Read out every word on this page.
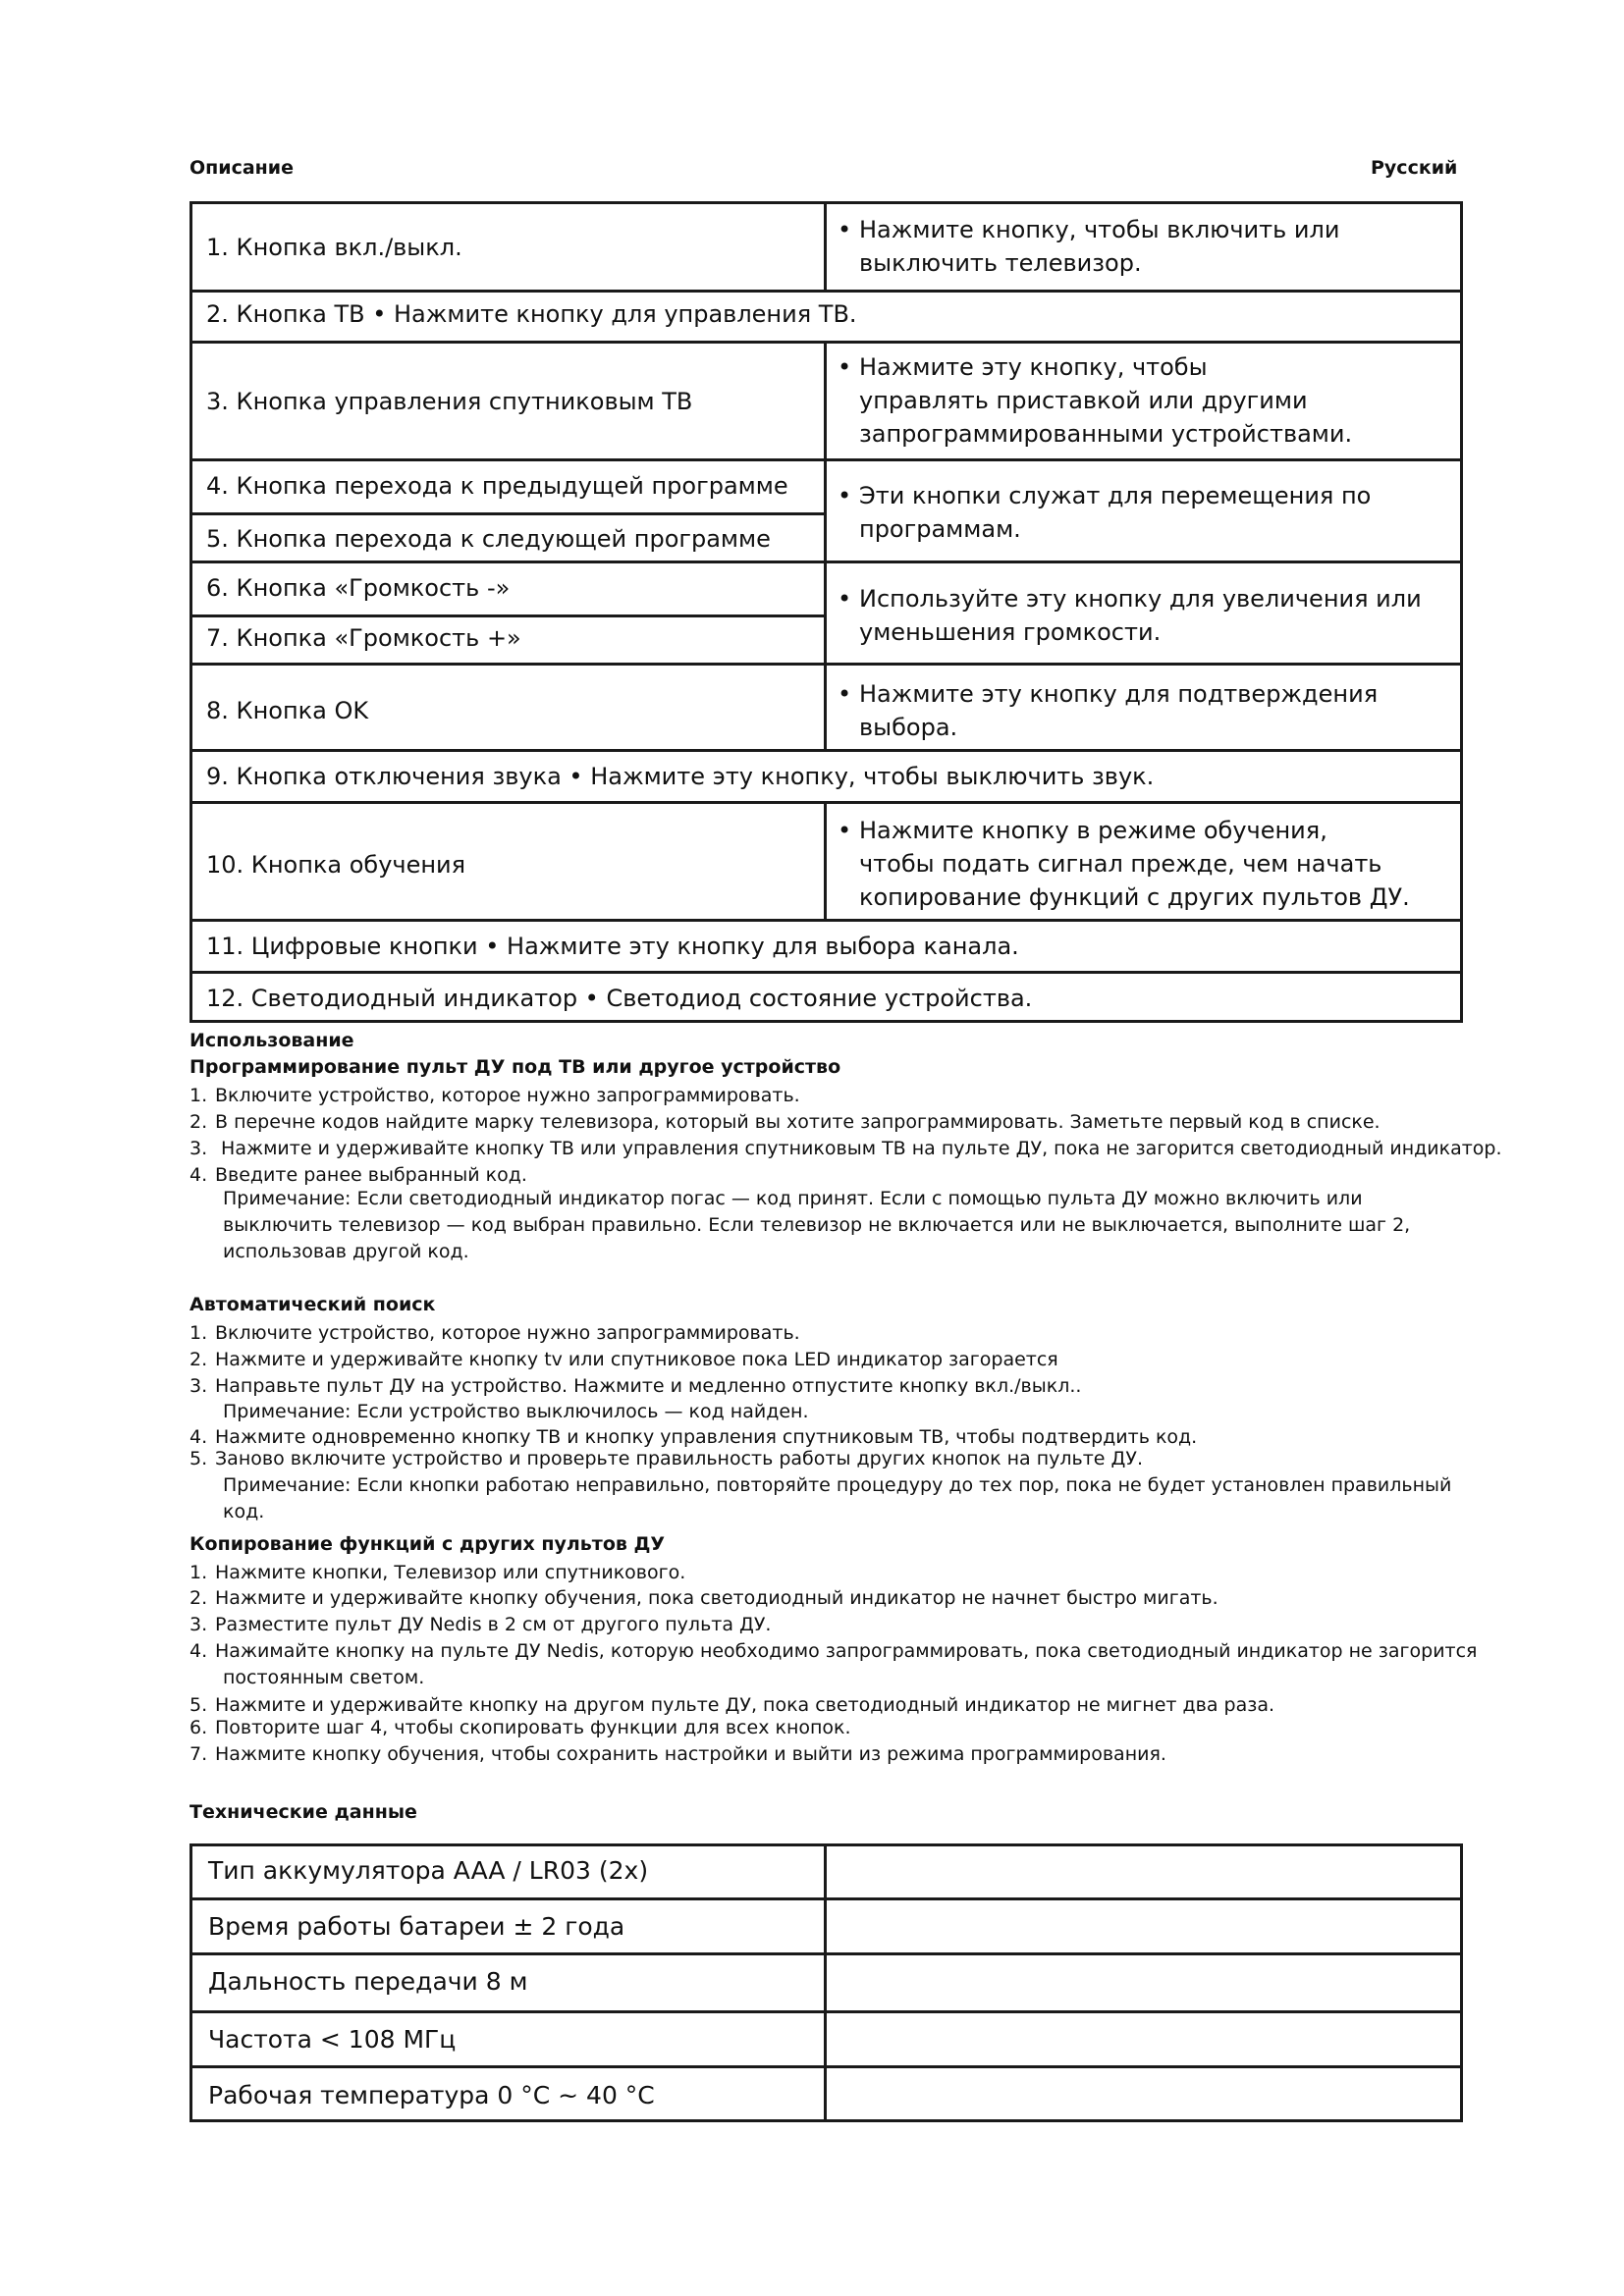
Описание	Русский
1. Кнопка вкл./выкл.
• Нажмите кнопку, чтобы включить или
выключить телевизор.
2. Кнопка ТВ • Нажмите кнопку для управления ТВ.
3. Кнопка управления спутниковым ТВ
• Нажмите эту кнопку, чтобы
управлять приставкой или другими
запрограммированными устройствами.
4. Кнопка перехода к предыдущей программе
5. Кнопка перехода к следующей программе
• Эти кнопки служат для перемещения по
программам.
6. Кнопка «Громкость -»
7. Кнопка «Громкость +»
• Используйте эту кнопку для увеличения или
уменьшения громкости.
8. Кнопка OK
• Нажмите эту кнопку для подтверждения
выбора.
9. Кнопка отключения звука • Нажмите эту кнопку, чтобы выключить звук.
10. Кнопка обучения
• Нажмите кнопку в режиме обучения,
чтобы подать сигнал прежде, чем начать
копирование функций с других пультов ДУ.
11. Цифровые кнопки • Нажмите эту кнопку для выбора канала.
12. Светодиодный индикатор • Светодиод состояние устройства.
Использование
Программирование пульт ДУ под ТВ или другое устройство
1. Включите устройство, которое нужно запрограммировать.
2. В перечне кодов найдите марку телевизора, который вы хотите запрограммировать. Заметьте первый код в списке.
3. Нажмите и удерживайте кнопку ТВ или управления спутниковым ТВ на пульте ДУ, пока не загорится светодиодный индикатор.
4. Введите ранее выбранный код.
Примечание: Если светодиодный индикатор погас — код принят. Если с помощью пульта ДУ можно включить или выключить телевизор — код выбран правильно. Если телевизор не включается или не выключается, выполните шаг 2, использовав другой код.
Автоматический поиск
1. Включите устройство, которое нужно запрограммировать.
2. Нажмите и удерживайте кнопку tv или спутниковое пока LED индикатор загорается
3. Направьте пульт ДУ на устройство. Нажмите и медленно отпустите кнопку вкл./выкл..
Примечание: Если устройство выключилось — код найден.
4. Нажмите одновременно кнопку ТВ и кнопку управления спутниковым ТВ, чтобы подтвердить код.
5. Заново включите устройство и проверьте правильность работы других кнопок на пульте ДУ.
Примечание: Если кнопки работаю неправильно, повторяйте процедуру до тех пор, пока не будет установлен правильный код.
Копирование функций с других пультов ДУ
1. Нажмите кнопки, Телевизор или спутникового.
2. Нажмите и удерживайте кнопку обучения, пока светодиодный индикатор не начнет быстро мигать.
3. Разместите пульт ДУ Nedis в 2 см от другого пульта ДУ.
4. Нажимайте кнопку на пульте ДУ Nedis, которую необходимо запрограммировать, пока светодиодный индикатор не загорится
постоянным светом.
5. Нажмите и удерживайте кнопку на другом пульте ДУ, пока светодиодный индикатор не мигнет два раза.
6. Повторите шаг 4, чтобы скопировать функции для всех кнопок.
7. Нажмите кнопку обучения, чтобы сохранить настройки и выйти из режима программирования.
Технические данные
Тип аккумулятора AAA / LR03 (2x)
Время работы батареи ± 2 года
Дальность передачи 8 м
Частота < 108 МГц
Рабочая температура 0 °C ~ 40 °C
